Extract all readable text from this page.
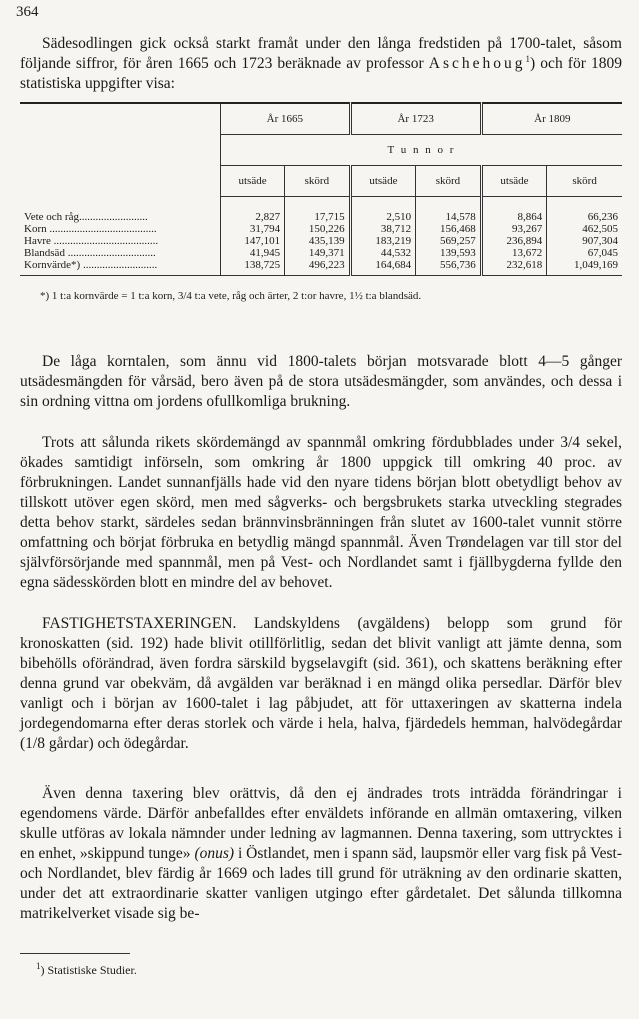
364
Sädesodlingen gick också starkt framåt under den långa fredstiden på 1700-talet, såsom följande siffror, för åren 1665 och 1723 beräknade av professor Aschehoug$^1$) och för 1809 statistiska uppgifter visa:
	År 1665		År 1723		År 1809	
	T u n n o r					
	utsäde	skörd	utsäde	skörd	utsäde	skörd

Vete och råg.........................	2,827	17,715	2,510	14,578	8,864	66,236
Korn .......................................	31,794	150,226	38,712	156,468	93,267	462,505
Havre ......................................	147,101	435,139	183,219	569,257	236,894	907,304
Blandsäd ................................	41,945	149,371	44,532	139,593	13,672	67,045
Kornvärde*) ...........................	138,725	496,223	164,684	556,736	232,618	1,049,169

*) 1 t:a kornvärde = 1 t:a korn, 3/4 t:a vete, råg och ärter, 2 t:or havre, 1½ t:a blandsäd.
De låga korntalen, som ännu vid 1800-talets början motsvarade blott 4—5 gånger utsädesmängden för vårsäd, bero även på de stora utsädesmängder, som användes, och dessa i sin ordning vittna om jordens ofullkomliga brukning.
Trots att sålunda rikets skördemängd av spannmål omkring fördubblades under 3/4 sekel, ökades samtidigt införseln, som omkring år 1800 uppgick till omkring 40 proc. av förbrukningen. Landet sunnanfjälls hade vid den nyare tidens början blott obetydligt behov av tillskott utöver egen skörd, men med sågverks- och bergsbrukets starka utveckling stegrades detta behov starkt, särdeles sedan brännvinsbränningen från slutet av 1600-talet vunnit större omfattning och börjat förbruka en betydlig mängd spannmål. Även Trøndelagen var till stor del självförsörjande med spannmål, men på Vest- och Nordlandet samt i fjällbygderna fyllde den egna sädesskörden blott en mindre del av behovet.
FASTIGHETSTAXERINGEN. Landskyldens (avgäldens) belopp som grund för kronoskatten (sid. 192) hade blivit otillförlitlig, sedan det blivit vanligt att jämte denna, som bibehölls oförändrad, även fordra särskild bygselavgift (sid. 361), och skattens beräkning efter denna grund var obekväm, då avgälden var beräknad i en mängd olika persedlar. Därför blev vanligt och i början av 1600-talet i lag påbjudet, att för uttaxeringen av skatterna indela jordegendomarna efter deras storlek och värde i hela, halva, fjärdedels hemman, halvödegårdar (1/8 gårdar) och ödegårdar.
Även denna taxering blev orättvis, då den ej ändrades trots inträdda förändringar i egendomens värde. Därför anbefalldes efter enväldets införande en allmän omtaxering, vilken skulle utföras av lokala nämnder under ledning av lagmannen. Denna taxering, som uttrycktes i en enhet, »skippund tunge» (onus) i Östlandet, men i spann säd, laupsmör eller varg fisk på Vest- och Nordlandet, blev färdig år 1669 och lades till grund för uträkning av den ordinarie skatten, under det att extraordinarie skatter vanligen utgingo efter gårdetalet. Det sålunda tillkomna matrikelverket visade sig be-
$^1$) Statistiske Studier.
